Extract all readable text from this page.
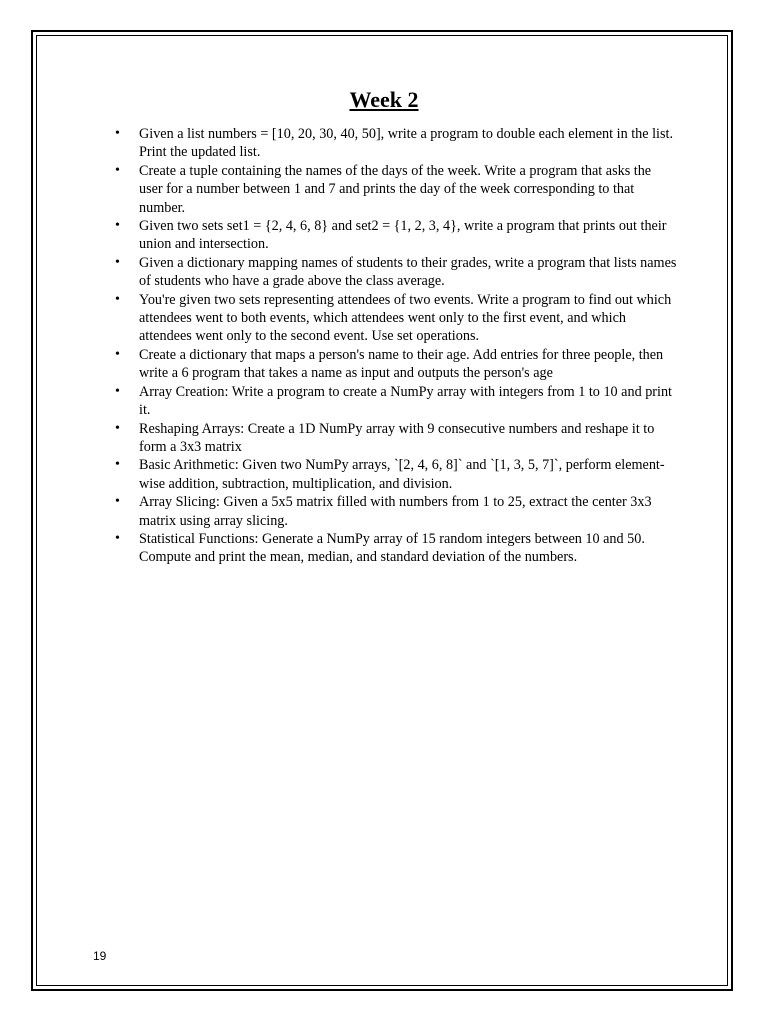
Week 2
• Given a list numbers = [10, 20, 30, 40, 50], write a program to double each element in the list. Print the updated list.
• Create a tuple containing the names of the days of the week. Write a program that asks the user for a number between 1 and 7 and prints the day of the week corresponding to that number.
• Given two sets set1 = {2, 4, 6, 8} and set2 = {1, 2, 3, 4}, write a program that prints out their union and intersection.
• Given a dictionary mapping names of students to their grades, write a program that lists names of students who have a grade above the class average.
• You're given two sets representing attendees of two events. Write a program to find out which attendees went to both events, which attendees went only to the first event, and which attendees went only to the second event. Use set operations.
• Create a dictionary that maps a person's name to their age. Add entries for three people, then write a 6 program that takes a name as input and outputs the person's age
• Array Creation: Write a program to create a NumPy array with integers from 1 to 10 and print it.
• Reshaping Arrays: Create a 1D NumPy array with 9 consecutive numbers and reshape it to form a 3x3 matrix
• Basic Arithmetic: Given two NumPy arrays, `[2, 4, 6, 8]` and `[1, 3, 5, 7]`, perform element-wise addition, subtraction, multiplication, and division.
• Array Slicing: Given a 5x5 matrix filled with numbers from 1 to 25, extract the center 3x3 matrix using array slicing.
• Statistical Functions: Generate a NumPy array of 15 random integers between 10 and 50. Compute and print the mean, median, and standard deviation of the numbers.
19
